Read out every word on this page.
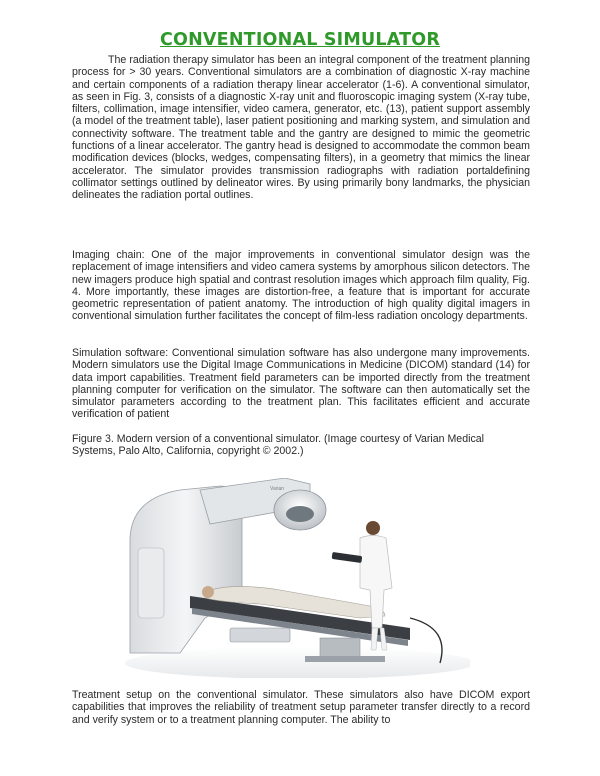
CONVENTIONAL SIMULATOR

The radiation therapy simulator has been an integral component of the treatment planning process for > 30 years. Conventional simulators are a combination of diagnostic X-ray machine and certain components of a radiation therapy linear accelerator (1-6). A conventional simulator, as seen in Fig. 3, consists of a diagnostic X-ray unit and fluoroscopic imaging system (X-ray tube, filters, collimation, image intensifier, video camera, generator, etc. (13), patient support assembly (a model of the treatment table), laser patient positioning and marking system, and simulation and connectivity software. The treatment table and the gantry are designed to mimic the geometric functions of a linear accelerator. The gantry head is designed to accommodate the common beam modification devices (blocks, wedges, compensating filters), in a geometry that mimics the linear accelerator. The simulator provides transmission radiographs with radiation portaldefining collimator settings outlined by delineator wires. By using primarily bony landmarks, the physician delineates the radiation portal outlines.

Imaging chain: One of the major improvements in conventional simulator design was the replacement of image intensifiers and video camera systems by amorphous silicon detectors. The new imagers produce high spatial and contrast resolution images which approach film quality, Fig. 4. More importantly, these images are distortion-free, a feature that is important for accurate geometric representation of patient anatomy. The introduction of high quality digital imagers in conventional simulation further facilitates the concept of film-less radiation oncology departments.

Simulation software: Conventional simulation software has also undergone many improvements. Modern simulators use the Digital Image Communications in Medicine (DICOM) standard (14) for data import capabilities. Treatment field parameters can be imported directly from the treatment planning computer for verification on the simulator. The software can then automatically set the simulator parameters according to the treatment plan. This facilitates efficient and accurate verification of patient

Figure 3. Modern version of a conventional simulator. (Image courtesy of Varian Medical Systems, Palo Alto, California, copyright © 2002.)

Varian

Treatment setup on the conventional simulator. These simulators also have DICOM export capabilities that improves the reliability of treatment setup parameter transfer directly to a record and verify system or to a treatment planning computer. The ability to
